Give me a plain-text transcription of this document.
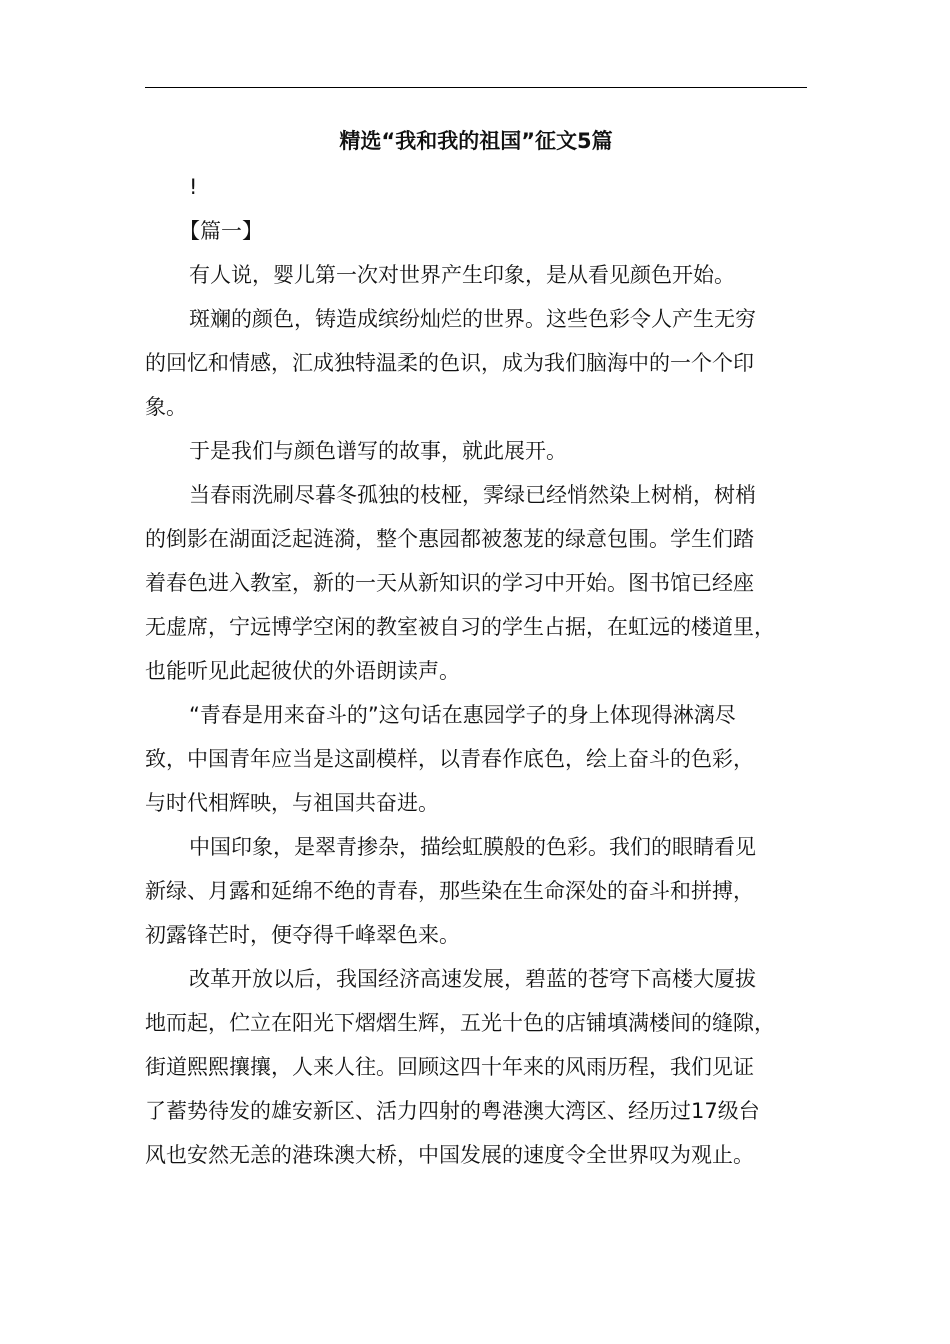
精选“我和我的祖国”征文5篇
!
【篇一】
有人说，婴儿第一次对世界产生印象，是从看见颜色开始。
斑斓的颜色，铸造成缤纷灿烂的世界。这些色彩令人产生无穷
的回忆和情感，汇成独特温柔的色识，成为我们脑海中的一个个印
象。
于是我们与颜色谱写的故事，就此展开。
当春雨洗刷尽暮冬孤独的枝桠，霁绿已经悄然染上树梢，树梢
的倒影在湖面泛起涟漪，整个惠园都被葱茏的绿意包围。学生们踏
着春色进入教室，新的一天从新知识的学习中开始。图书馆已经座
无虚席，宁远博学空闲的教室被自习的学生占据，在虹远的楼道里，
也能听见此起彼伏的外语朗读声。
“青春是用来奋斗的”这句话在惠园学子的身上体现得淋漓尽
致，中国青年应当是这副模样，以青春作底色，绘上奋斗的色彩，
与时代相辉映，与祖国共奋进。
中国印象，是翠青掺杂，描绘虹膜般的色彩。我们的眼睛看见
新绿、月露和延绵不绝的青春，那些染在生命深处的奋斗和拼搏，
初露锋芒时，便夺得千峰翠色来。
改革开放以后，我国经济高速发展，碧蓝的苍穹下高楼大厦拔
地而起，伫立在阳光下熠熠生辉，五光十色的店铺填满楼间的缝隙，
街道熙熙攘攘，人来人往。回顾这四十年来的风雨历程，我们见证
了蓄势待发的雄安新区、活力四射的粤港澳大湾区、经历过17级台
风也安然无恙的港珠澳大桥，中国发展的速度令全世界叹为观止。
